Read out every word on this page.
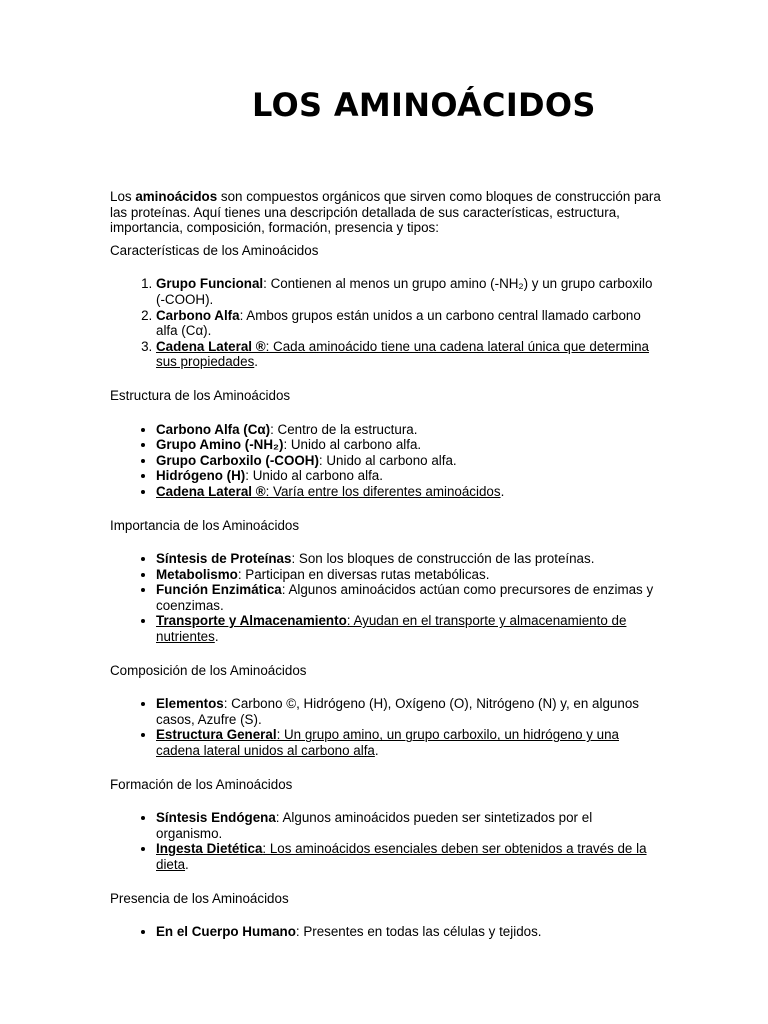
LOS AMINOÁCIDOS

Los aminoácidos son compuestos orgánicos que sirven como bloques de construcción para las proteínas. Aquí tienes una descripción detallada de sus características, estructura, importancia, composición, formación, presencia y tipos:

Características de los Aminoácidos

1. Grupo Funcional: Contienen al menos un grupo amino (-NH₂) y un grupo carboxilo (-COOH).
2. Carbono Alfa: Ambos grupos están unidos a un carbono central llamado carbono alfa (Cα).
3. Cadena Lateral ®: Cada aminoácido tiene una cadena lateral única que determina sus propiedades.

Estructura de los Aminoácidos

• Carbono Alfa (Cα): Centro de la estructura.
• Grupo Amino (-NH₂): Unido al carbono alfa.
• Grupo Carboxilo (-COOH): Unido al carbono alfa.
• Hidrógeno (H): Unido al carbono alfa.
• Cadena Lateral ®: Varía entre los diferentes aminoácidos.

Importancia de los Aminoácidos

• Síntesis de Proteínas: Son los bloques de construcción de las proteínas.
• Metabolismo: Participan en diversas rutas metabólicas.
• Función Enzimática: Algunos aminoácidos actúan como precursores de enzimas y coenzimas.
• Transporte y Almacenamiento: Ayudan en el transporte y almacenamiento de nutrientes.

Composición de los Aminoácidos

• Elementos: Carbono ©, Hidrógeno (H), Oxígeno (O), Nitrógeno (N) y, en algunos casos, Azufre (S).
• Estructura General: Un grupo amino, un grupo carboxilo, un hidrógeno y una cadena lateral unidos al carbono alfa.

Formación de los Aminoácidos

• Síntesis Endógena: Algunos aminoácidos pueden ser sintetizados por el organismo.
• Ingesta Dietética: Los aminoácidos esenciales deben ser obtenidos a través de la dieta.

Presencia de los Aminoácidos

• En el Cuerpo Humano: Presentes en todas las células y tejidos.
